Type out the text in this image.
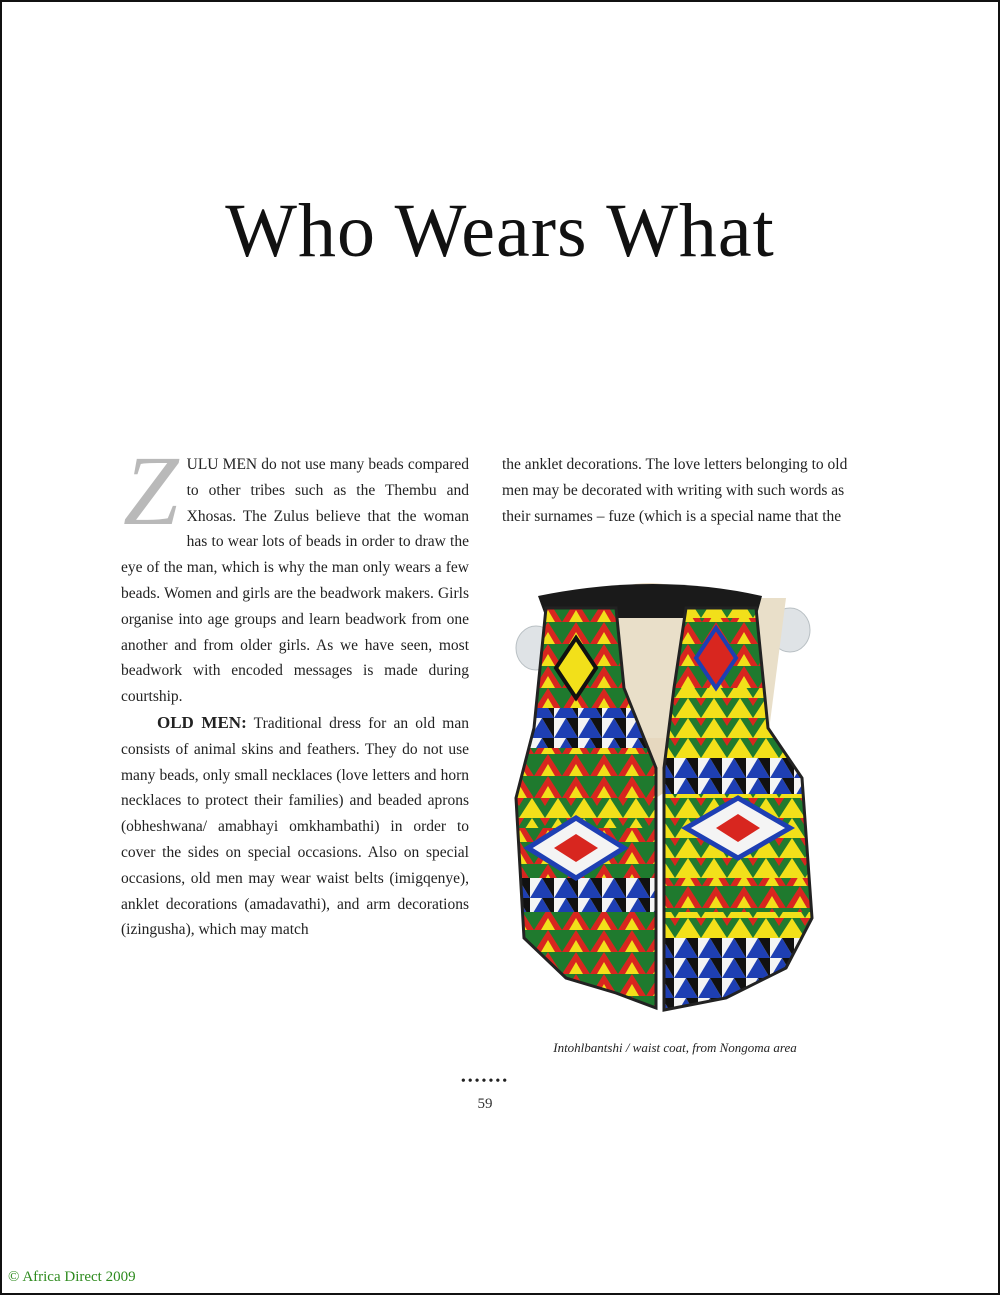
Who Wears What

ZULU MEN do not use many beads compared to other tribes such as the Thembu and Xhosas. The Zulus believe that the woman has to wear lots of beads in order to draw the eye of the man, which is why the man only wears a few beads. Women and girls are the beadwork makers. Girls organise into age groups and learn beadwork from one another and from older girls. As we have seen, most beadwork with encoded messages is made during courtship.

OLD MEN: Traditional dress for an old man consists of animal skins and feathers. They do not use many beads, only small necklaces (love letters and horn necklaces to protect their families) and beaded aprons (obheshwana/ amabhayi omkhambathi) in order to cover the sides on special occasions. Also on special occasions, old men may wear waist belts (imigqenye), anklet decorations (amadavathi), and arm decorations (izingusha), which may match

the anklet decorations. The love letters belonging to old men may be decorated with writing with such words as their surnames – fuze (which is a special name that the

Intohlbantshi / waist coat, from Nongoma area
•••••••
59
© Africa Direct 2009
